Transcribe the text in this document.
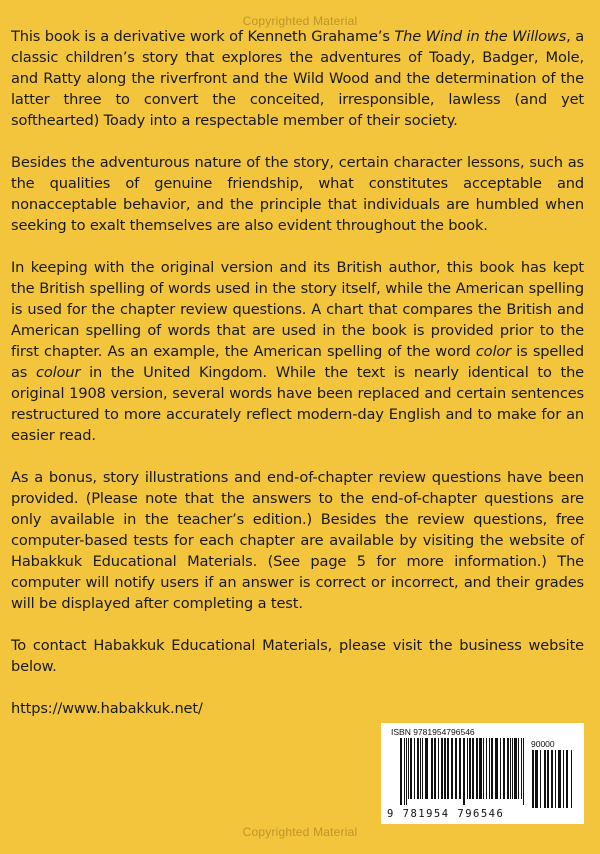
Copyrighted Material

This book is a derivative work of Kenneth Grahame’s The Wind in the Willows, a classic children’s story that explores the adventures of Toady, Badger, Mole, and Ratty along the riverfront and the Wild Wood and the determination of the latter three to convert the conceited, irresponsible, lawless (and yet softhearted) Toady into a respectable member of their society.

Besides the adventurous nature of the story, certain character lessons, such as the qualities of genuine friendship, what constitutes acceptable and nonacceptable behavior, and the principle that individuals are humbled when seeking to exalt themselves are also evident throughout the book.

In keeping with the original version and its British author, this book has kept the British spelling of words used in the story itself, while the American spelling is used for the chapter review questions. A chart that compares the British and American spelling of words that are used in the book is provided prior to the first chapter. As an example, the American spelling of the word color is spelled as colour in the United Kingdom. While the text is nearly identical to the original 1908 version, several words have been replaced and certain sentences restructured to more accurately reflect modern-day English and to make for an easier read.

As a bonus, story illustrations and end-of-chapter review questions have been provided. (Please note that the answers to the end-of-chapter questions are only available in the teacher’s edition.) Besides the review questions, free computer-based tests for each chapter are available by visiting the website of Habakkuk Educational Materials. (See page 5 for more information.) The computer will notify users if an answer is correct or incorrect, and their grades will be displayed after completing a test.

To contact Habakkuk Educational Materials, please visit the business website below.

https://www.habakkuk.net/

ISBN 9781954796546
90000
9 781954 796546
Copyrighted Material
